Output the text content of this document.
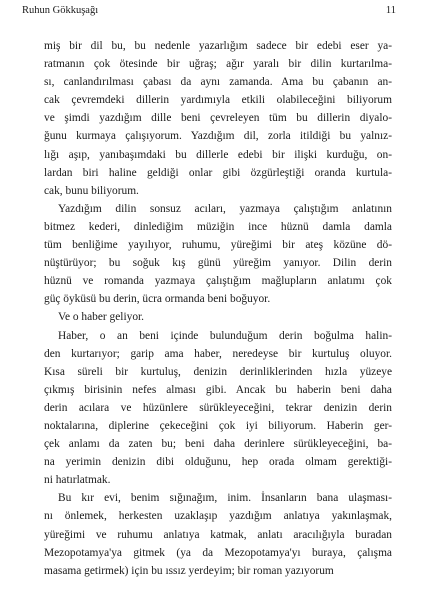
Ruhun Gökkuşağı	11

miş bir dil bu, bu nedenle yazarlığım sadece bir edebi eser ya-
ratmanın çok ötesinde bir uğraş; ağır yaralı bir dilin kurtarılma-
sı, canlandırılması çabası da aynı zamanda. Ama bu çabanın an-
cak çevremdeki dillerin yardımıyla etkili olabileceğini biliyorum
ve şimdi yazdığım dille beni çevreleyen tüm bu dillerin diyalo-
ğunu kurmaya çalışıyorum. Yazdığım dil, zorla itildiği bu yalnız-
lığı aşıp, yanıbaşımdaki bu dillerle edebi bir ilişki kurduğu, on-
lardan biri haline geldiği onlar gibi özgürleştiği oranda kurtula-
cak, bunu biliyorum.

Yazdığım dilin sonsuz acıları, yazmaya çalıştığım anlatının
bitmez kederi, dinlediğim müziğin ince hüznü damla damla
tüm benliğime yayılıyor, ruhumu, yüreğimi bir ateş közüne dö-
nüştürüyor; bu soğuk kış günü yüreğim yanıyor. Dilin derin
hüznü ve romanda yazmaya çalıştığım mağlupların anlatımı çok
güç öyküsü bu derin, ücra ormanda beni boğuyor.

Ve o haber geliyor.

Haber, o an beni içinde bulunduğum derin boğulma halin-
den kurtarıyor; garip ama haber, neredeyse bir kurtuluş oluyor.
Kısa süreli bir kurtuluş, denizin derinliklerinden hızla yüzeye
çıkmış birisinin nefes alması gibi. Ancak bu haberin beni daha
derin acılara ve hüzünlere sürükleyeceğini, tekrar denizin derin
noktalarına, diplerine çekeceğini çok iyi biliyorum. Haberin ger-
çek anlamı da zaten bu; beni daha derinlere sürükleyeceğini, ba-
na yerimin denizin dibi olduğunu, hep orada olmam gerektiği-
ni hatırlatmak.

Bu kır evi, benim sığınağım, inim. İnsanların bana ulaşması-
nı önlemek, herkesten uzaklaşıp yazdığım anlatıya yakınlaşmak,
yüreğimi ve ruhumu anlatıya katmak, anlatı aracılığıyla buradan
Mezopotamya'ya gitmek (ya da Mezopotamya'yı buraya, çalışma
masama getirmek) için bu ıssız yerdeyim; bir roman yazıyorum
